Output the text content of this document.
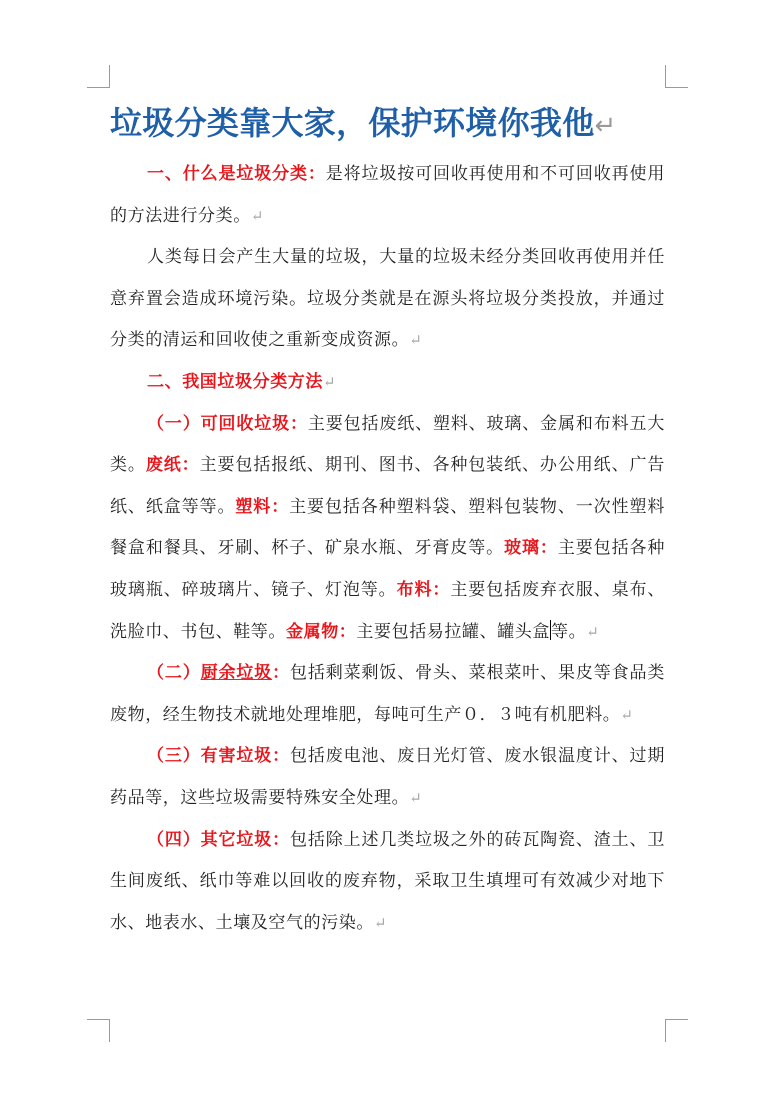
垃圾分类靠大家，保护环境你我他↵

一、什么是垃圾分类：是将垃圾按可回收再使用和不可回收再使用的方法进行分类。↵

人类每日会产生大量的垃圾，大量的垃圾未经分类回收再使用并任意弃置会造成环境污染。垃圾分类就是在源头将垃圾分类投放，并通过分类的清运和回收使之重新变成资源。↵

二、我国垃圾分类方法↵

（一）可回收垃圾：主要包括废纸、塑料、玻璃、金属和布料五大类。废纸：主要包括报纸、期刊、图书、各种包装纸、办公用纸、广告纸、纸盒等等。塑料：主要包括各种塑料袋、塑料包装物、一次性塑料餐盒和餐具、牙刷、杯子、矿泉水瓶、牙膏皮等。玻璃：主要包括各种玻璃瓶、碎玻璃片、镜子、灯泡等。布料：主要包括废弃衣服、桌布、洗脸巾、书包、鞋等。金属物：主要包括易拉罐、罐头盒等。↵

（二）厨余垃圾：包括剩菜剩饭、骨头、菜根菜叶、果皮等食品类废物，经生物技术就地处理堆肥，每吨可生产０．３吨有机肥料。↵

（三）有害垃圾：包括废电池、废日光灯管、废水银温度计、过期药品等，这些垃圾需要特殊安全处理。↵

（四）其它垃圾：包括除上述几类垃圾之外的砖瓦陶瓷、渣土、卫生间废纸、纸巾等难以回收的废弃物，采取卫生填埋可有效减少对地下水、地表水、土壤及空气的污染。↵
